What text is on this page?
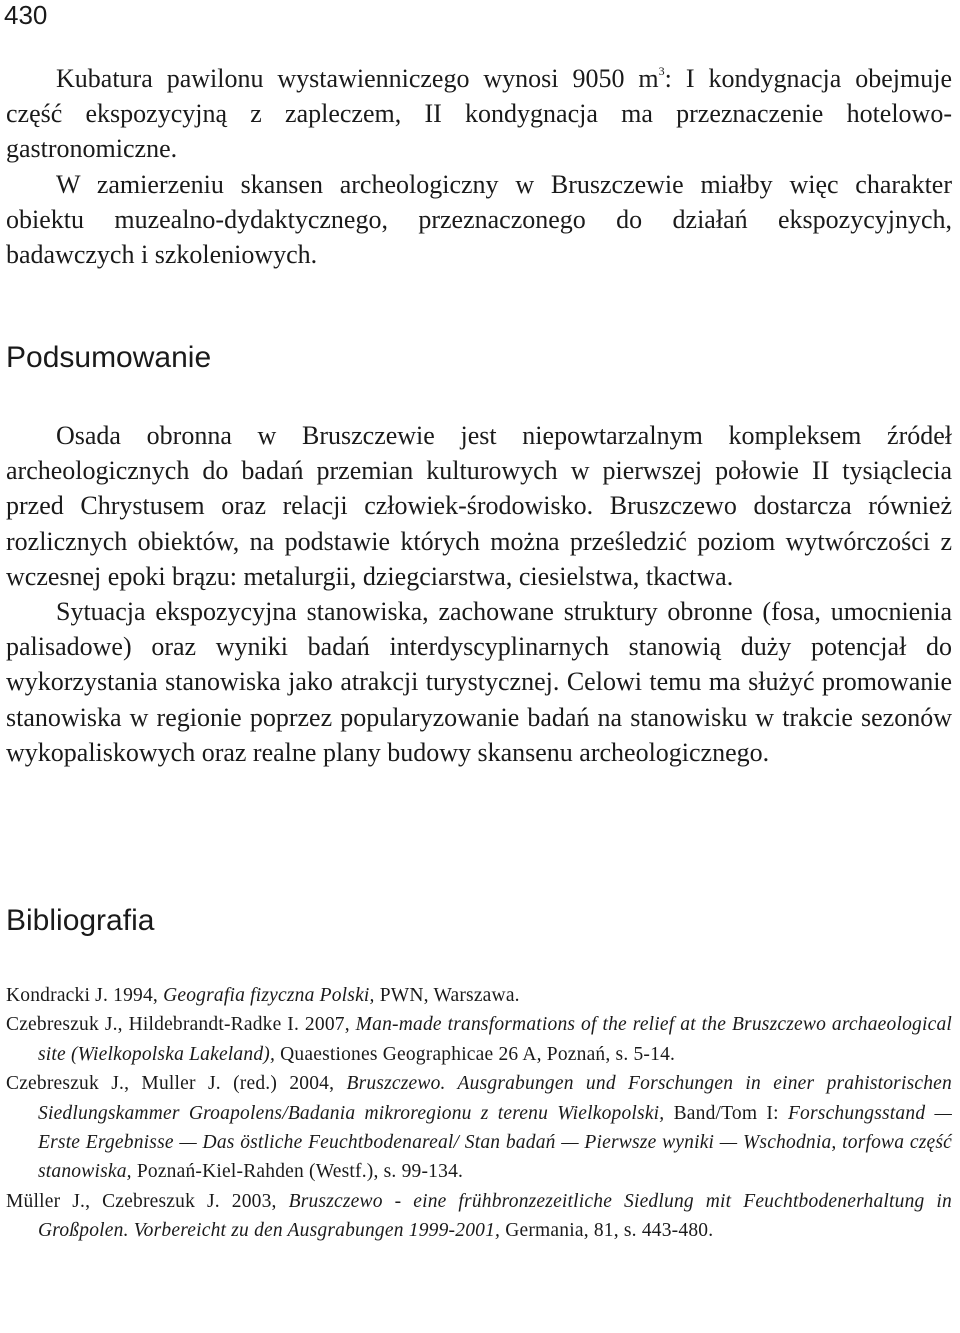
430

Kubatura pawilonu wystawienniczego wynosi 9050 $m^3$: I kondygnacja obejmuje część ekspozycyjną z zapleczem, II kondygnacja ma przeznaczenie hotelowo-gastronomiczne.

W zamierzeniu skansen archeologiczny w Bruszczewie miałby więc charakter obiektu muzealno-dydaktycznego, przeznaczonego do działań ekspozycyjnych, badawczych i szkoleniowych.

Podsumowanie

Osada obronna w Bruszczewie jest niepowtarzalnym kompleksem źródeł archeologicznych do badań przemian kulturowych w pierwszej połowie II tysiąclecia przed Chrystusem oraz relacji człowiek-środowisko. Bruszczewo dostarcza również rozlicznych obiektów, na podstawie których można prześledzić poziom wytwórczości z wczesnej epoki brązu: metalurgii, dziegciarstwa, ciesielstwa, tkactwa.

Sytuacja ekspozycyjna stanowiska, zachowane struktury obronne (fosa, umocnienia palisadowe) oraz wyniki badań interdyscyplinarnych stanowią duży potencjał do wykorzystania stanowiska jako atrakcji turystycznej. Celowi temu ma służyć promowanie stanowiska w regionie poprzez popularyzowanie badań na stanowisku w trakcie sezonów wykopaliskowych oraz realne plany budowy skansenu archeologicznego.

Bibliografia
Kondracki J. 1994, Geografia fizyczna Polski, PWN, Warszawa.
Czebreszuk J., Hildebrandt-Radke I. 2007, Man-made transformations of the relief at the Bruszczewo archaeological site (Wielkopolska Lakeland), Quaestiones Geographicae 26 A, Poznań, s. 5-14.
Czebreszuk J., Muller J. (red.) 2004, Bruszczewo. Ausgrabungen und Forschungen in einer prahistorischen Siedlungskammer Groapolens/Badania mikroregionu z terenu Wielkopolski, Band/Tom I: Forschungsstand — Erste Ergebnisse — Das östliche Feuchtbodenareal/ Stan badań — Pierwsze wyniki — Wschodnia, torfowa część stanowiska, Poznań-Kiel-Rahden (Westf.), s. 99-134.
Müller J., Czebreszuk J. 2003, Bruszczewo - eine frühbronzezeitliche Siedlung mit Feuchtbodenerhaltung in Großpolen. Vorbereicht zu den Ausgrabungen 1999-2001, Germania, 81, s. 443-480.
